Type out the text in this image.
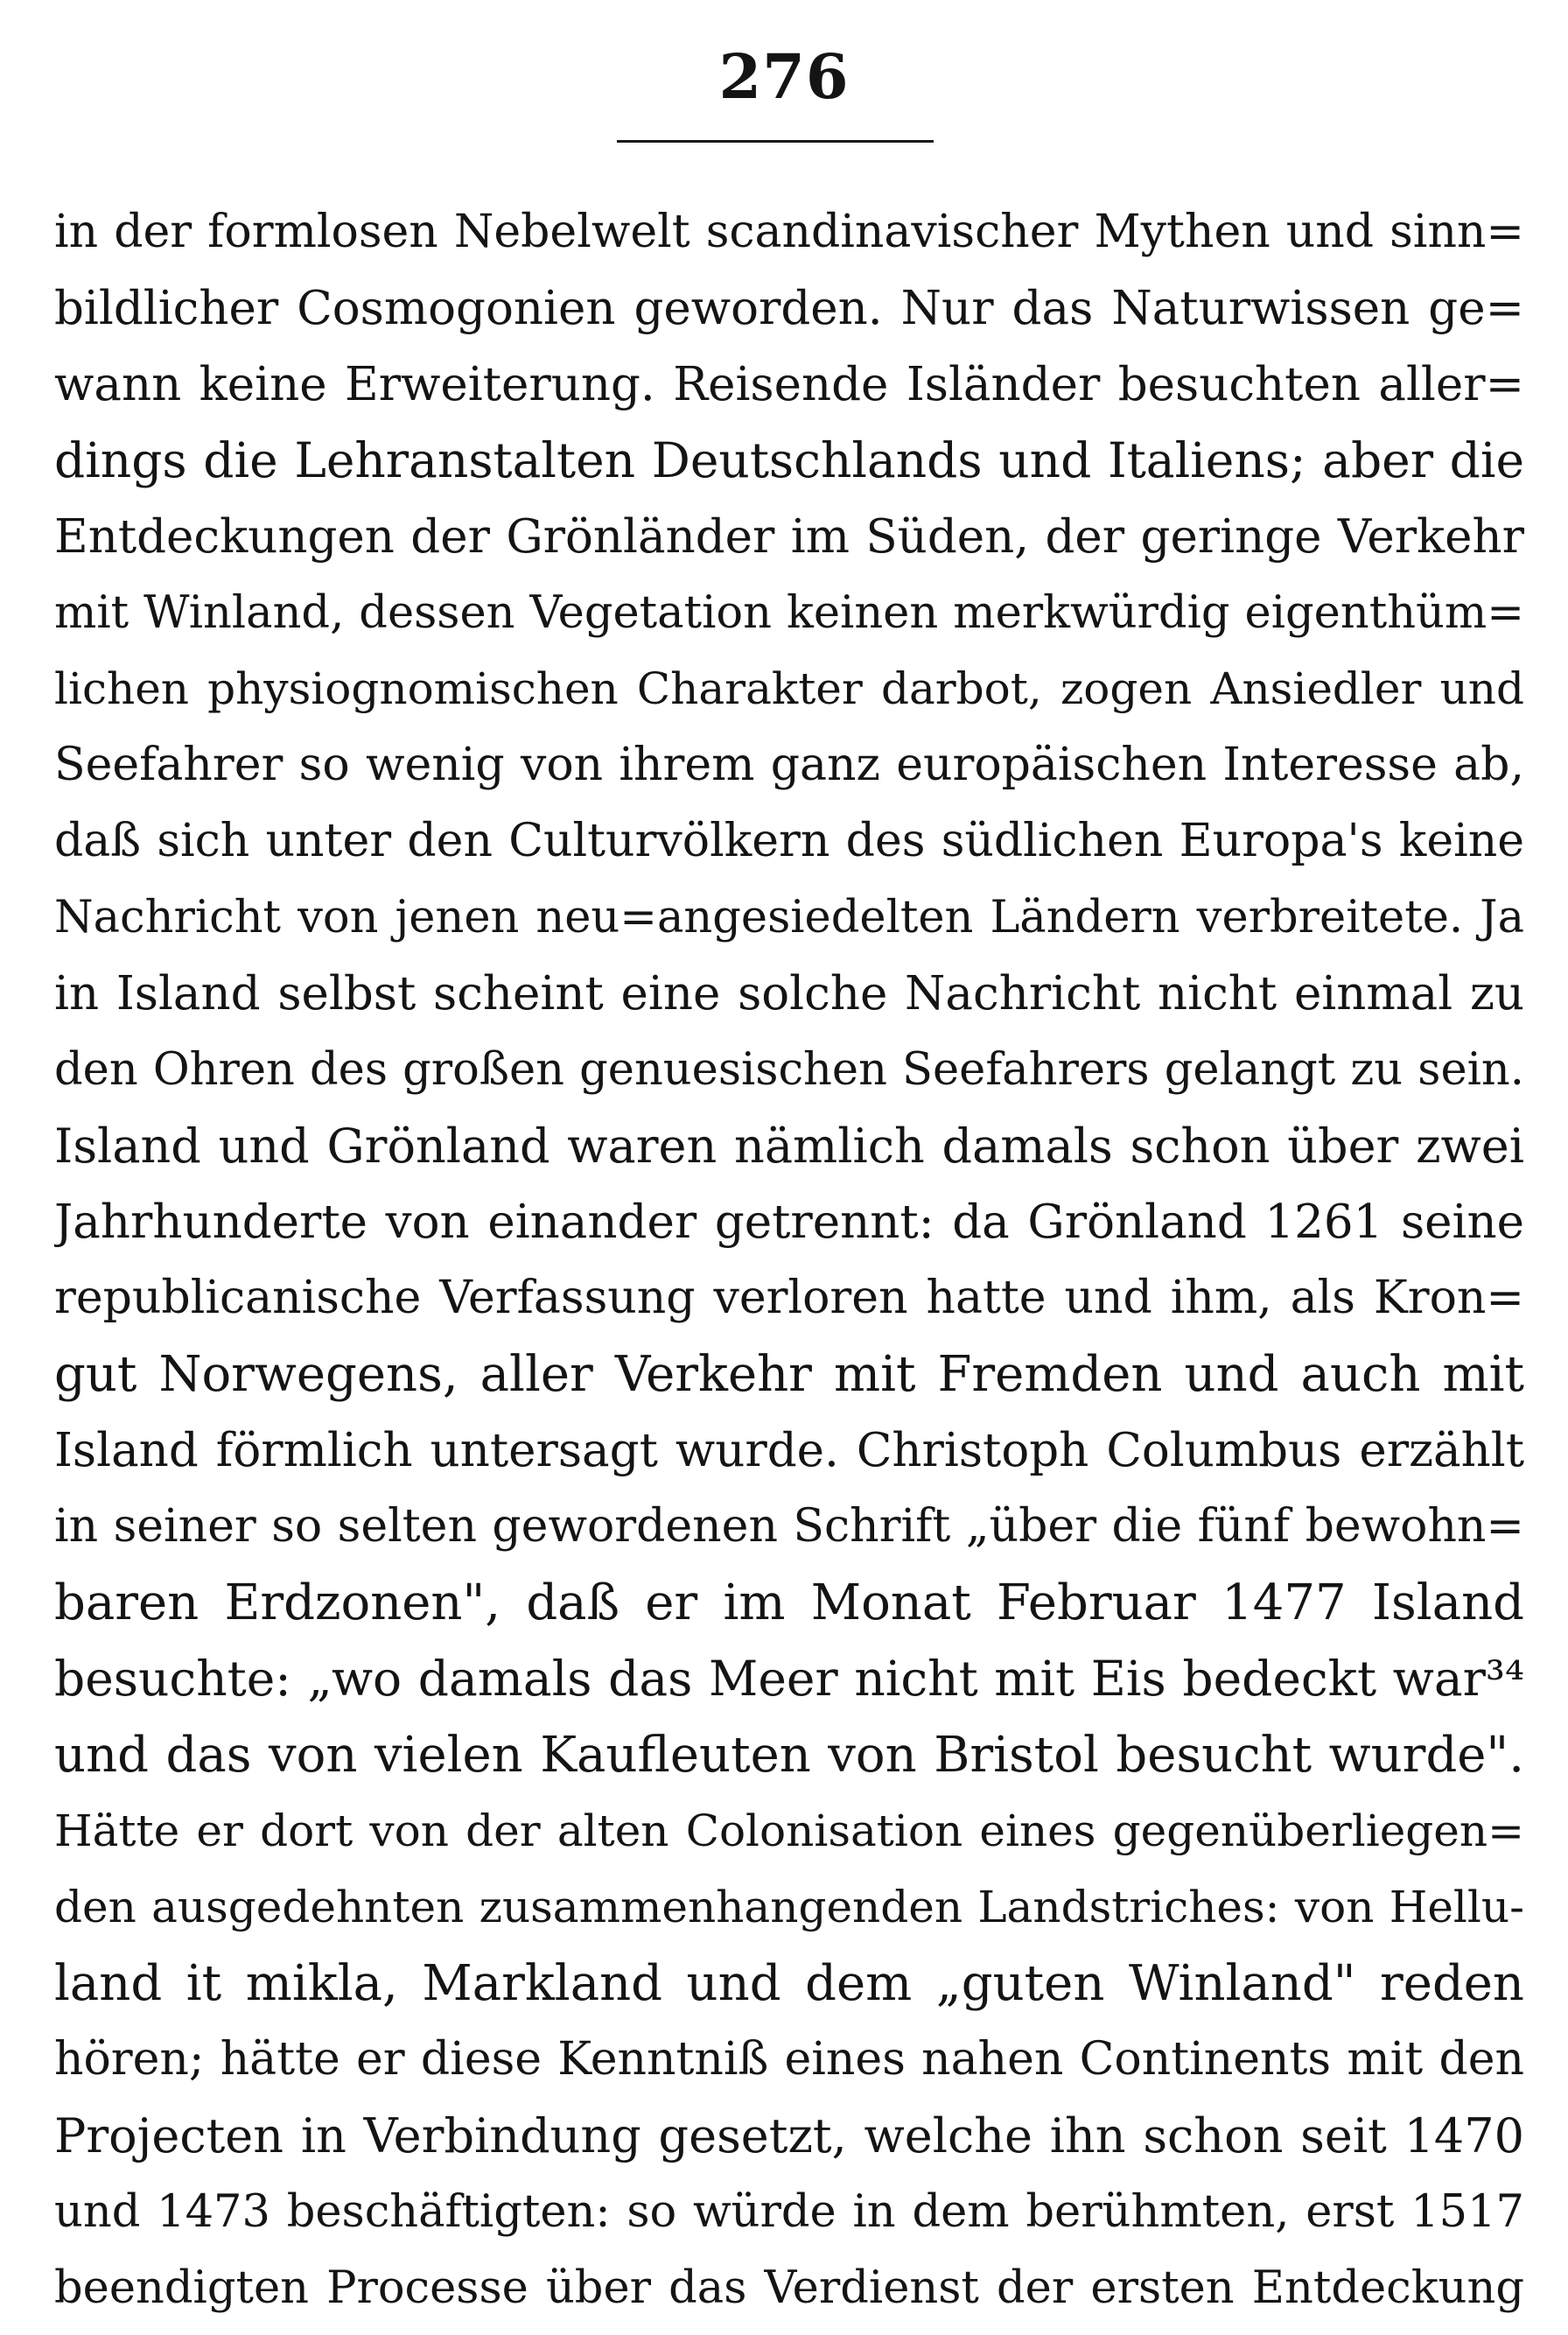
276
in der formlosen Nebelwelt scandinavischer Mythen und sinn=
bildlicher Cosmogonien geworden. Nur das Naturwissen ge=
wann keine Erweiterung. Reisende Isländer besuchten aller=
dings die Lehranstalten Deutschlands und Italiens; aber die
Entdeckungen der Grönländer im Süden, der geringe Verkehr
mit Winland, dessen Vegetation keinen merkwürdig eigenthüm=
lichen physiognomischen Charakter darbot, zogen Ansiedler und
Seefahrer so wenig von ihrem ganz europäischen Interesse ab,
daß sich unter den Culturvölkern des südlichen Europa's keine
Nachricht von jenen neu=angesiedelten Ländern verbreitete. Ja
in Island selbst scheint eine solche Nachricht nicht einmal zu
den Ohren des großen genuesischen Seefahrers gelangt zu sein.
Island und Grönland waren nämlich damals schon über zwei
Jahrhunderte von einander getrennt: da Grönland 1261 seine
republicanische Verfassung verloren hatte und ihm, als Kron=
gut Norwegens, aller Verkehr mit Fremden und auch mit
Island förmlich untersagt wurde. Christoph Columbus erzählt
in seiner so selten gewordenen Schrift „über die fünf bewohn=
baren Erdzonen", daß er im Monat Februar 1477 Island
besuchte: „wo damals das Meer nicht mit Eis bedeckt war³⁴
und das von vielen Kaufleuten von Bristol besucht wurde".
Hätte er dort von der alten Colonisation eines gegenüberliegen=
den ausgedehnten zusammenhangenden Landstriches: von Hellu-
land it mikla, Markland und dem „guten Winland" reden
hören; hätte er diese Kenntniß eines nahen Continents mit den
Projecten in Verbindung gesetzt, welche ihn schon seit 1470
und 1473 beschäftigten: so würde in dem berühmten, erst 1517
beendigten Processe über das Verdienst der ersten Entdeckung
